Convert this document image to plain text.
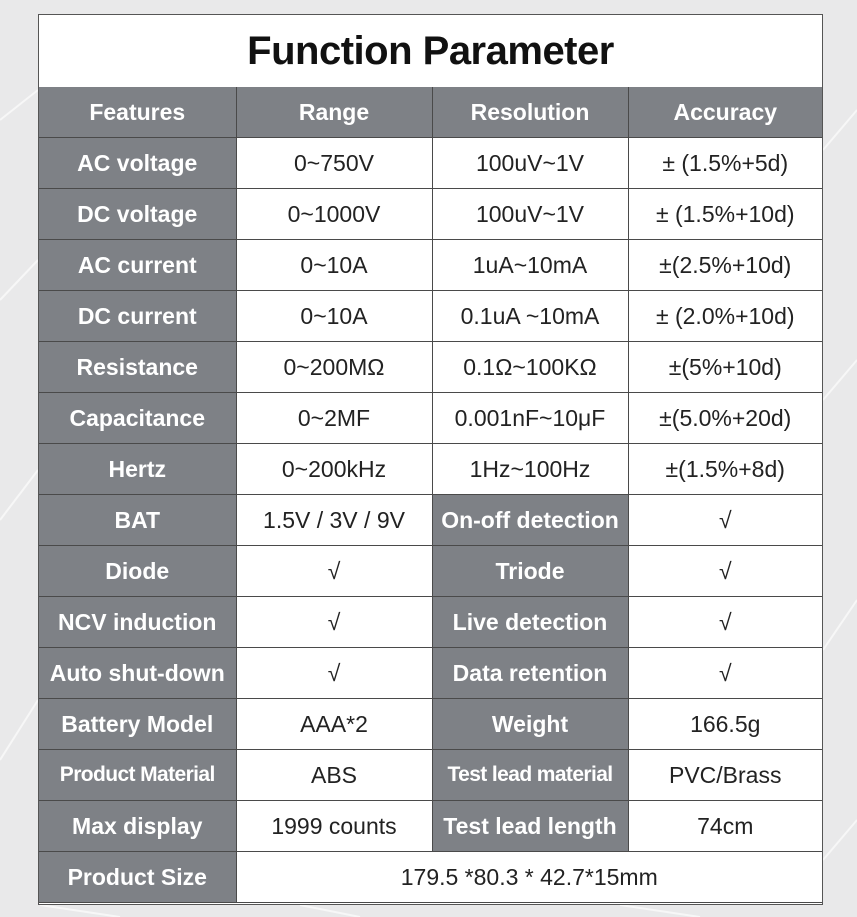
Function Parameter
Features	Range	Resolution	Accuracy
AC voltage	0~750V	100uV~1V	± (1.5%+5d)
DC voltage	0~1000V	100uV~1V	± (1.5%+10d)
AC current	0~10A	1uA~10mA	±(2.5%+10d)
DC current	0~10A	0.1uA ~10mA	± (2.0%+10d)
Resistance	0~200MΩ	0.1Ω~100KΩ	±(5%+10d)
Capacitance	0~2MF	0.001nF~10μF	±(5.0%+20d)
Hertz	0~200kHz	1Hz~100Hz	±(1.5%+8d)
BAT	1.5V / 3V / 9V	On-off detection	√
Diode	√	Triode	√
NCV induction	√	Live detection	√
Auto shut-down	√	Data retention	√
Battery Model	AAA*2	Weight	166.5g
Product Material	ABS	Test lead material	PVC/Brass
Max display	1999 counts	Test lead length	74cm
Product Size	179.5 *80.3 * 42.7*15mm		
